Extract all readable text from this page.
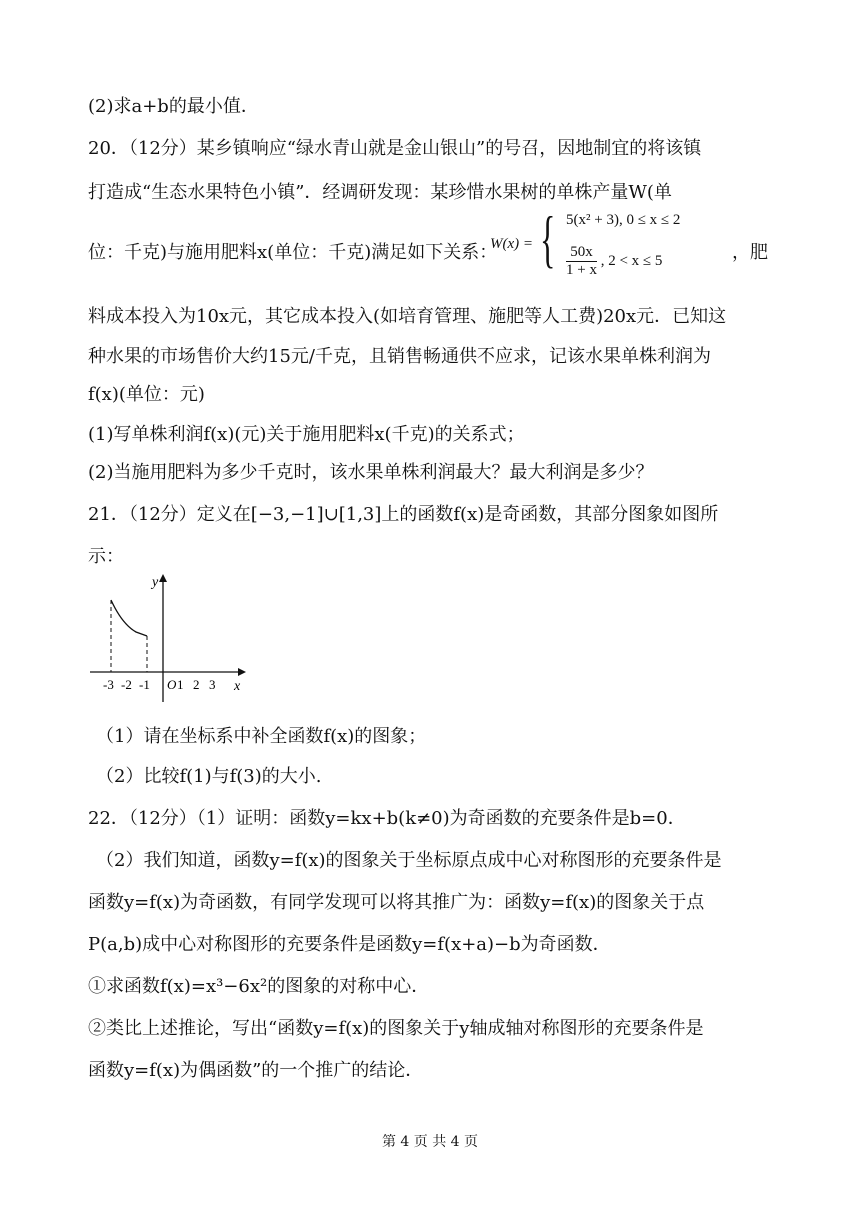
(2)求a+b的最小值．
20．（12分）某乡镇响应“绿水青山就是金山银山”的号召，因地制宜的将该镇
打造成“生态水果特色小镇”．经调研发现：某珍惜水果树的单株产量W(单
位：千克)与施用肥料x(单位：千克)满足如下关系：
W(x) = { 5(x² + 3), 0 ≤ x ≤ 2
$\frac{50x}{1 + x}$ , 2 < x ≤ 5	，肥
料成本投入为10x元，其它成本投入(如培育管理、施肥等人工费)20x元．已知这
种水果的市场售价大约15元/千克，且销售畅通供不应求，记该水果单株利润为
f(x)(单位：元)
(1)写单株利润f(x)(元)关于施用肥料x(千克)的关系式；
(2)当施用肥料为多少千克时，该水果单株利润最大？最大利润是多少？
21．（12分）定义在[−3,−1]∪[1,3]上的函数f(x)是奇函数，其部分图象如图所
示：
y
x
-3 -2 -1 O 1 2 3
（1）请在坐标系中补全函数f(x)的图象；
（2）比较f(1)与f(3)的大小.
22．（12分）（1）证明：函数y=kx+b(k≠0)为奇函数的充要条件是b=0．
（2）我们知道，函数y=f(x)的图象关于坐标原点成中心对称图形的充要条件是
函数y=f(x)为奇函数，有同学发现可以将其推广为：函数y=f(x)的图象关于点
P(a,b)成中心对称图形的充要条件是函数y=f(x+a)−b为奇函数．
①求函数f(x)=x³−6x²的图象的对称中心．
②类比上述推论，写出“函数y=f(x)的图象关于y轴成轴对称图形的充要条件是
函数y=f(x)为偶函数”的一个推广的结论．
第 4 页 共 4 页
